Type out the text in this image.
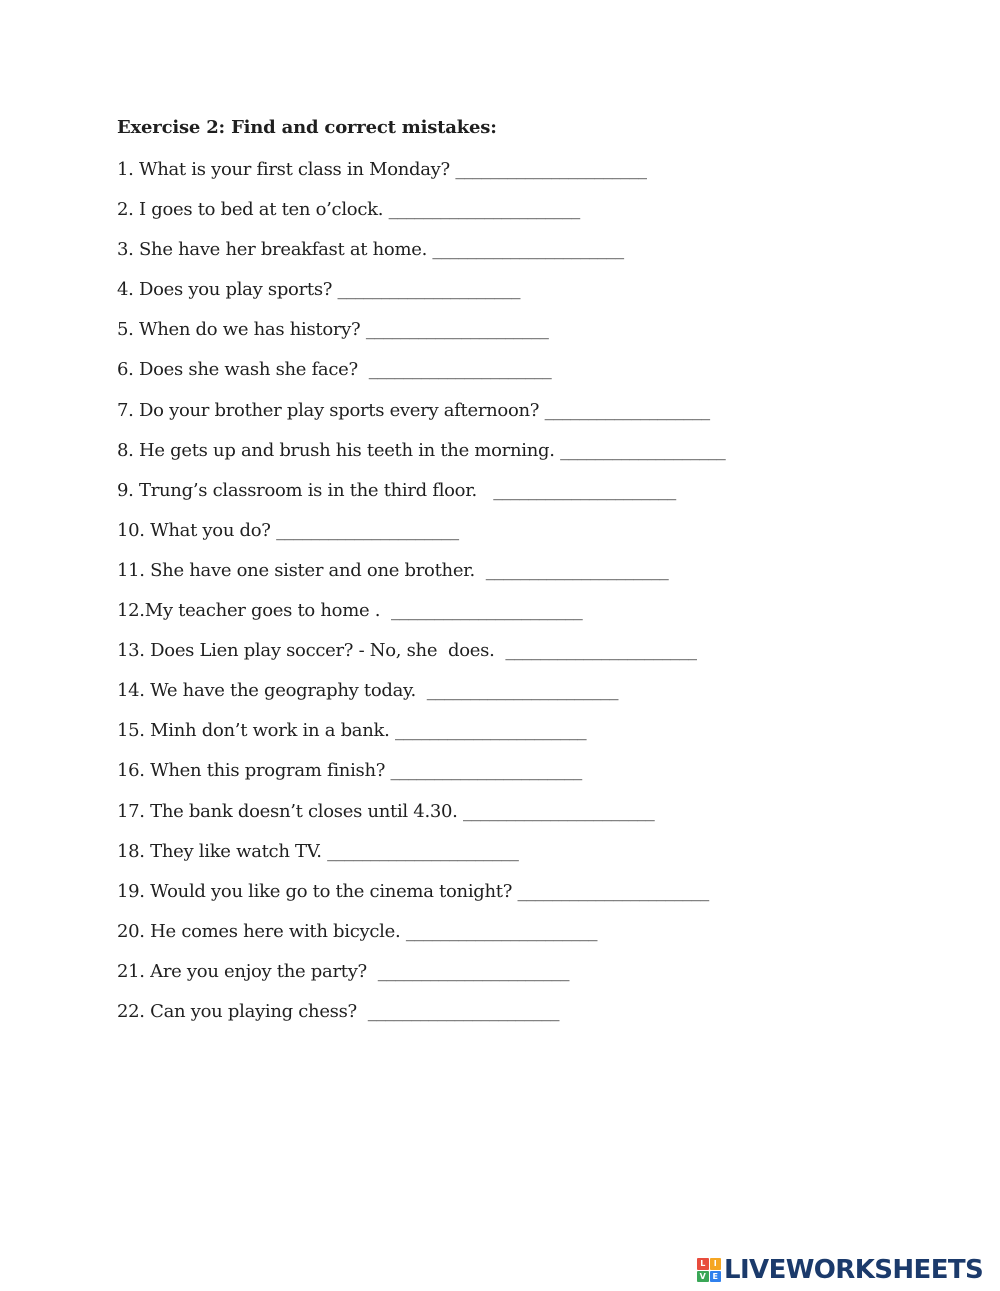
Exercise 2: Find and correct mistakes:
1. What is your first class in Monday? ______________________
2. I goes to bed at ten o’clock. ______________________
3. She have her breakfast at home. ______________________
4. Does you play sports? _____________________
5. When do we has history? _____________________
6. Does she wash she face?  _____________________
7. Do your brother play sports every afternoon? ___________________
8. He gets up and brush his teeth in the morning. ___________________
9. Trung’s classroom is in the third floor.   _____________________
10. What you do? _____________________
11. She have one sister and one brother.  _____________________
12.My teacher goes to home .  ______________________
13. Does Lien play soccer? - No, she  does.  ______________________
14. We have the geography today.  ______________________
15. Minh don’t work in a bank. ______________________
16. When this program finish? ______________________
17. The bank doesn’t closes until 4.30. ______________________
18. They like watch TV. ______________________
19. Would you like go to the cinema tonight? ______________________
20. He comes here with bicycle. ______________________
21. Are you enjoy the party?  ______________________
22. Can you playing chess?  ______________________
L	I
V E LIVEWORKSHEETS
